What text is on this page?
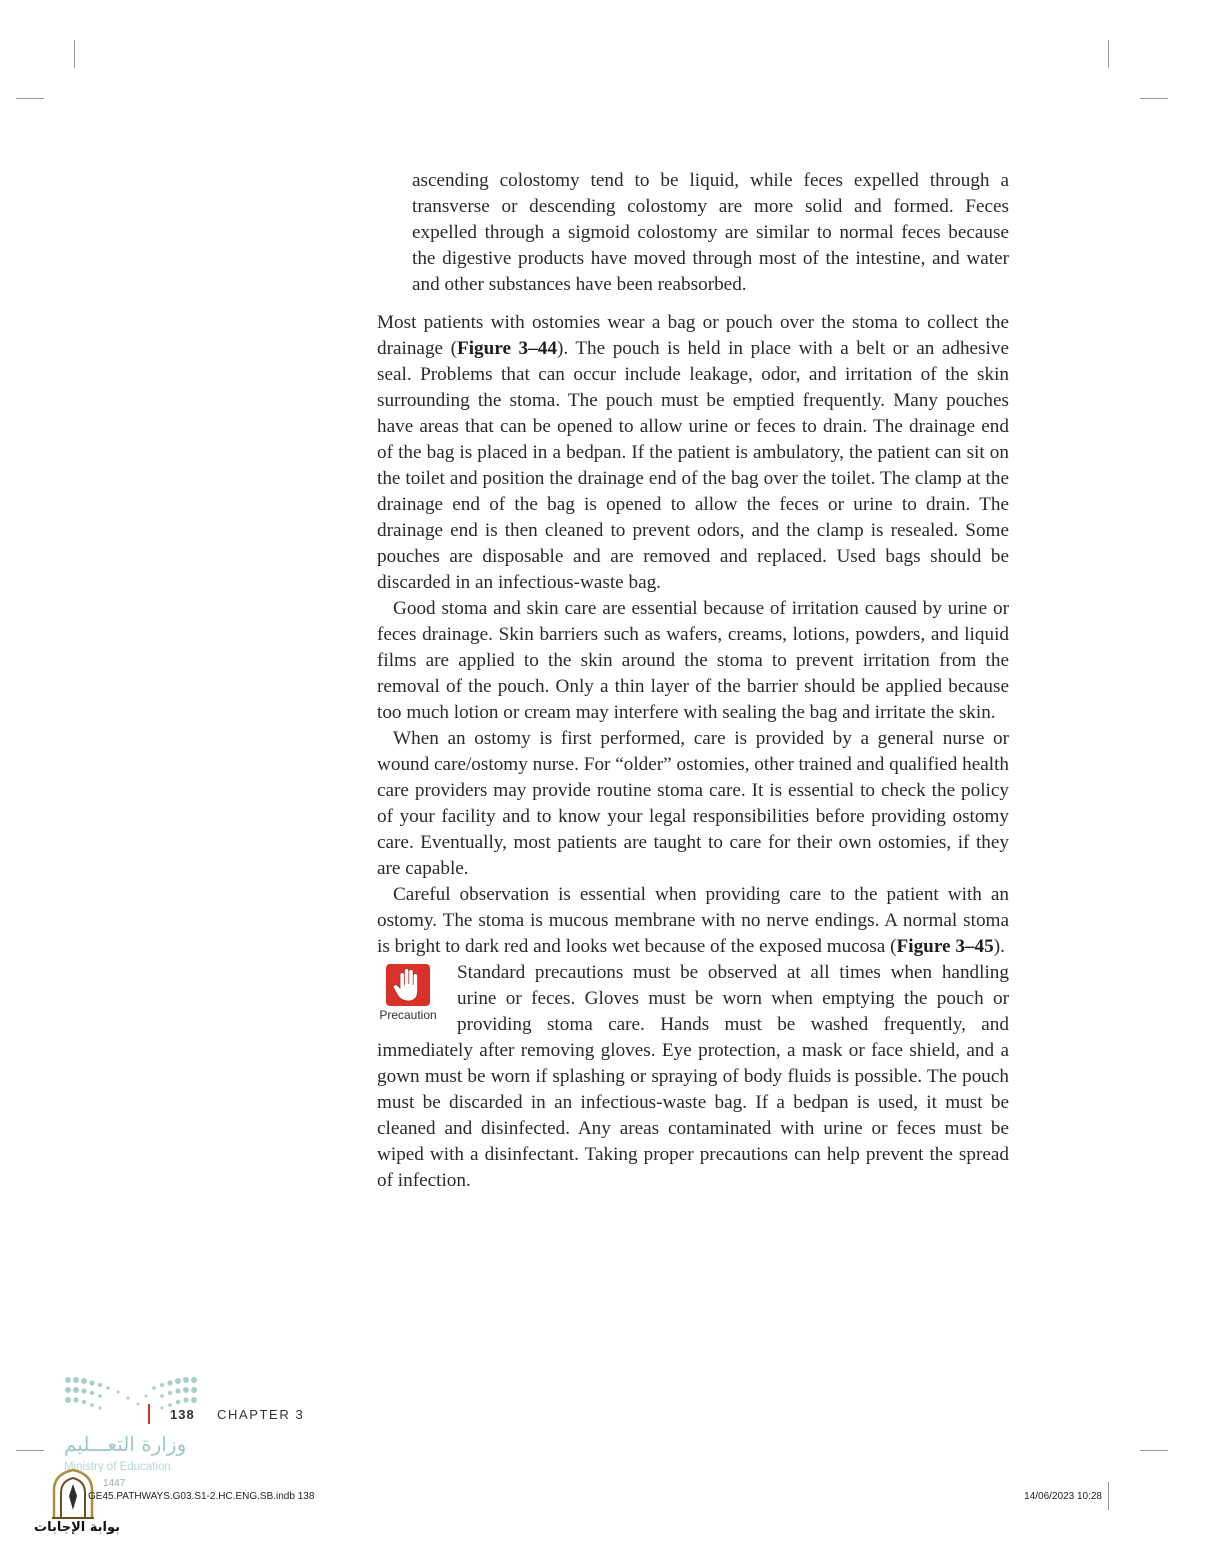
ascending colostomy tend to be liquid, while feces expelled through a transverse or descending colostomy are more solid and formed. Feces expelled through a sigmoid colostomy are similar to normal feces because the digestive products have moved through most of the intestine, and water and other substances have been reabsorbed.

Most patients with ostomies wear a bag or pouch over the stoma to collect the drainage (Figure 3–44). The pouch is held in place with a belt or an adhesive seal. Problems that can occur include leakage, odor, and irritation of the skin surrounding the stoma. The pouch must be emptied frequently. Many pouches have areas that can be opened to allow urine or feces to drain. The drainage end of the bag is placed in a bedpan. If the patient is ambulatory, the patient can sit on the toilet and position the drainage end of the bag over the toilet. The clamp at the drainage end of the bag is opened to allow the feces or urine to drain. The drainage end is then cleaned to prevent odors, and the clamp is resealed. Some pouches are disposable and are removed and replaced. Used bags should be discarded in an infectious-waste bag.

Good stoma and skin care are essential because of irritation caused by urine or feces drainage. Skin barriers such as wafers, creams, lotions, powders, and liquid films are applied to the skin around the stoma to prevent irritation from the removal of the pouch. Only a thin layer of the barrier should be applied because too much lotion or cream may interfere with sealing the bag and irritate the skin.

When an ostomy is first performed, care is provided by a general nurse or wound care/ostomy nurse. For “older” ostomies, other trained and qualified health care providers may provide routine stoma care. It is essential to check the policy of your facility and to know your legal responsibilities before providing ostomy care. Eventually, most patients are taught to care for their own ostomies, if they are capable.

Careful observation is essential when providing care to the patient with an ostomy. The stoma is mucous membrane with no nerve endings. A normal stoma is bright to dark red and looks wet because of the exposed mucosa (Figure 3–45).

Precaution
Standard precautions must be observed at all times when handling urine or feces. Gloves must be worn when emptying the pouch or providing stoma care. Hands must be washed frequently, and immediately after removing gloves. Eye protection, a mask or face shield, and a gown must be worn if splashing or spraying of body fluids is possible. The pouch must be discarded in an infectious-waste bag. If a bedpan is used, it must be cleaned and disinfected. Any areas contaminated with urine or feces must be wiped with a disinfectant. Taking proper precautions can help prevent the spread of infection.

138 CHAPTER 3
وزارة التعـــليم
Ministry of Education
1447
GE45.PATHWAYS.G03.S1-2.HC.ENG.SB.indb 138	14/06/2023 10:28
بوابة الإجابات
